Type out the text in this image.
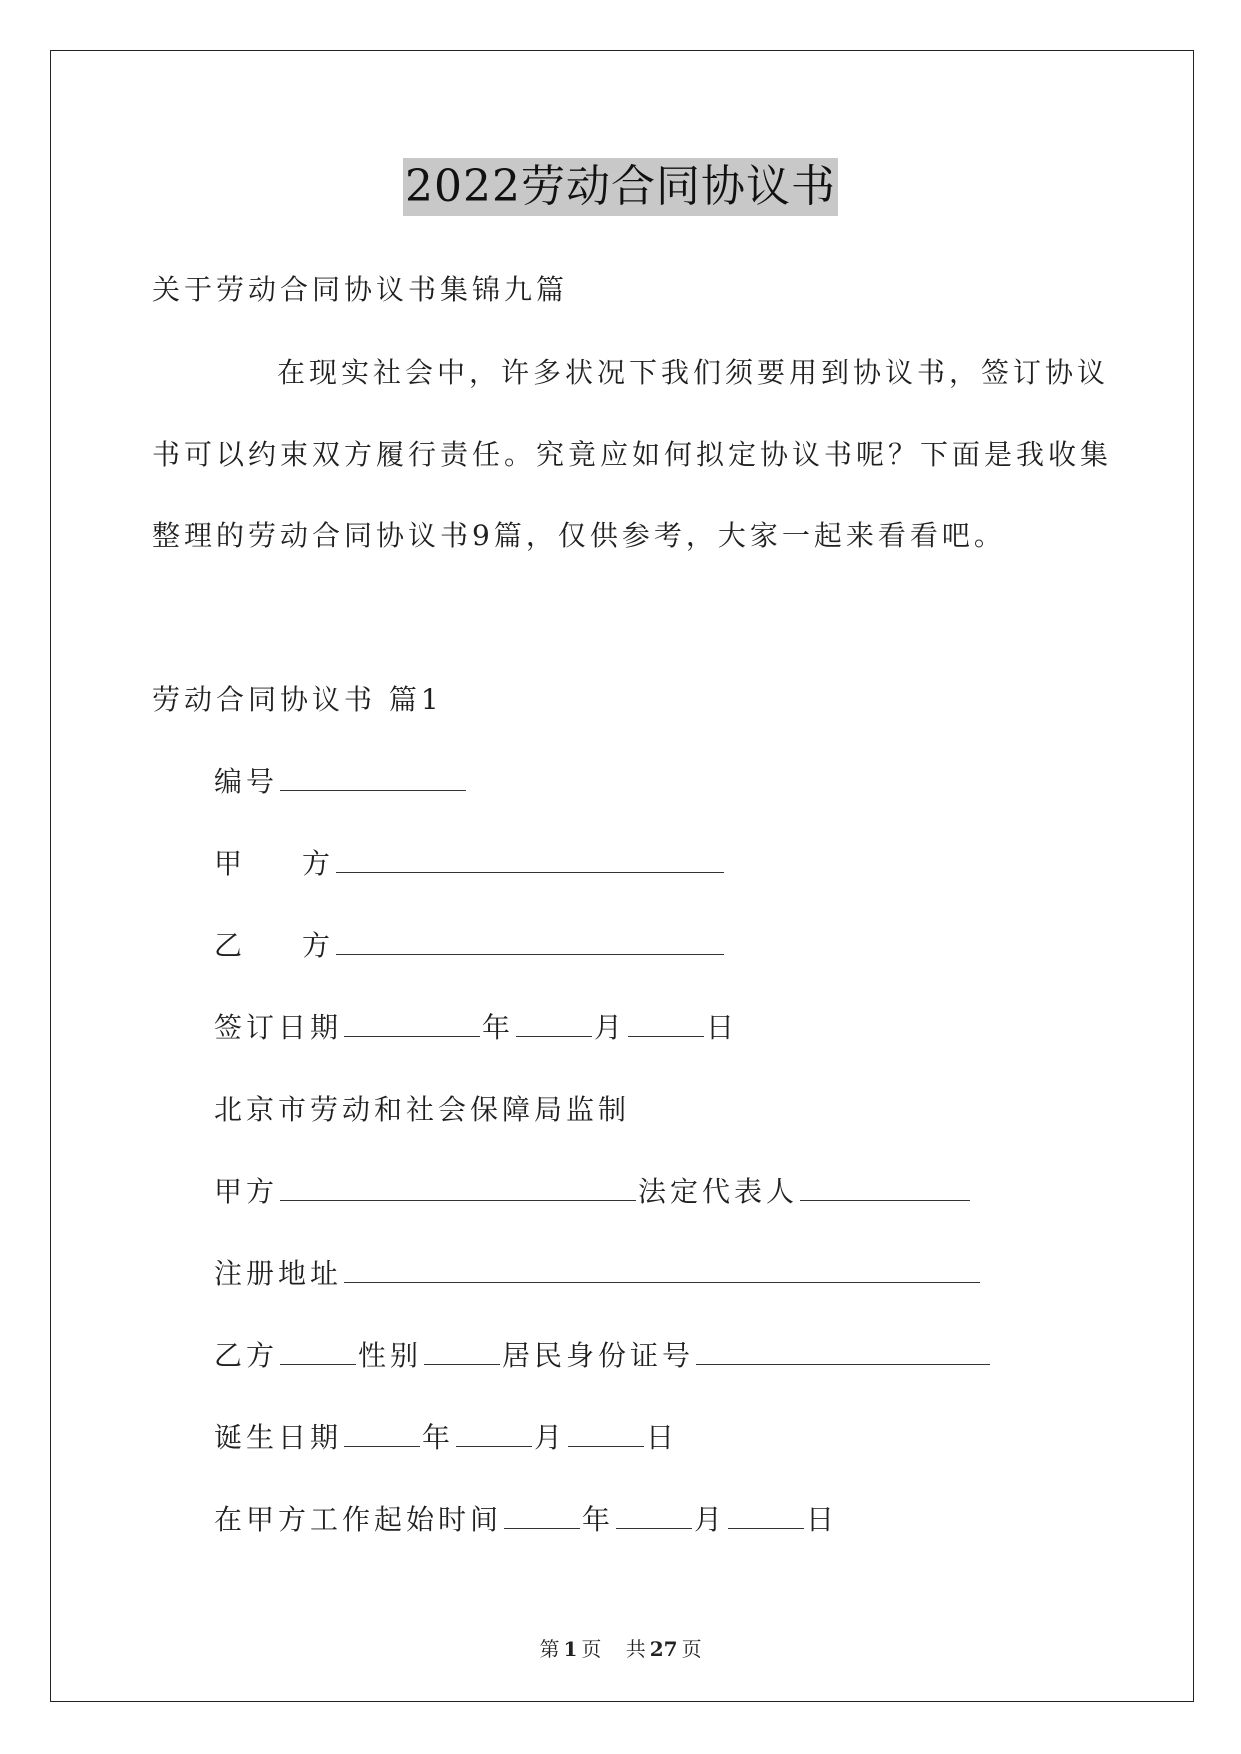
2022劳动合同协议书
关于劳动合同协议书集锦九篇
在现实社会中，许多状况下我们须要用到协议书，签订协议
书可以约束双方履行责任。究竟应如何拟定协议书呢？下面是我收集
整理的劳动合同协议书9篇，仅供参考，大家一起来看看吧。
劳动合同协议书 篇1
编号
甲 方
乙 方
签订日期	年	月	日
北京市劳动和社会保障局监制
甲方	法定代表人
注册地址
乙方	性别	居民身份证号
诞生日期	年	月	日
在甲方工作起始时间	年	月	日
第 1 页 共 27 页
